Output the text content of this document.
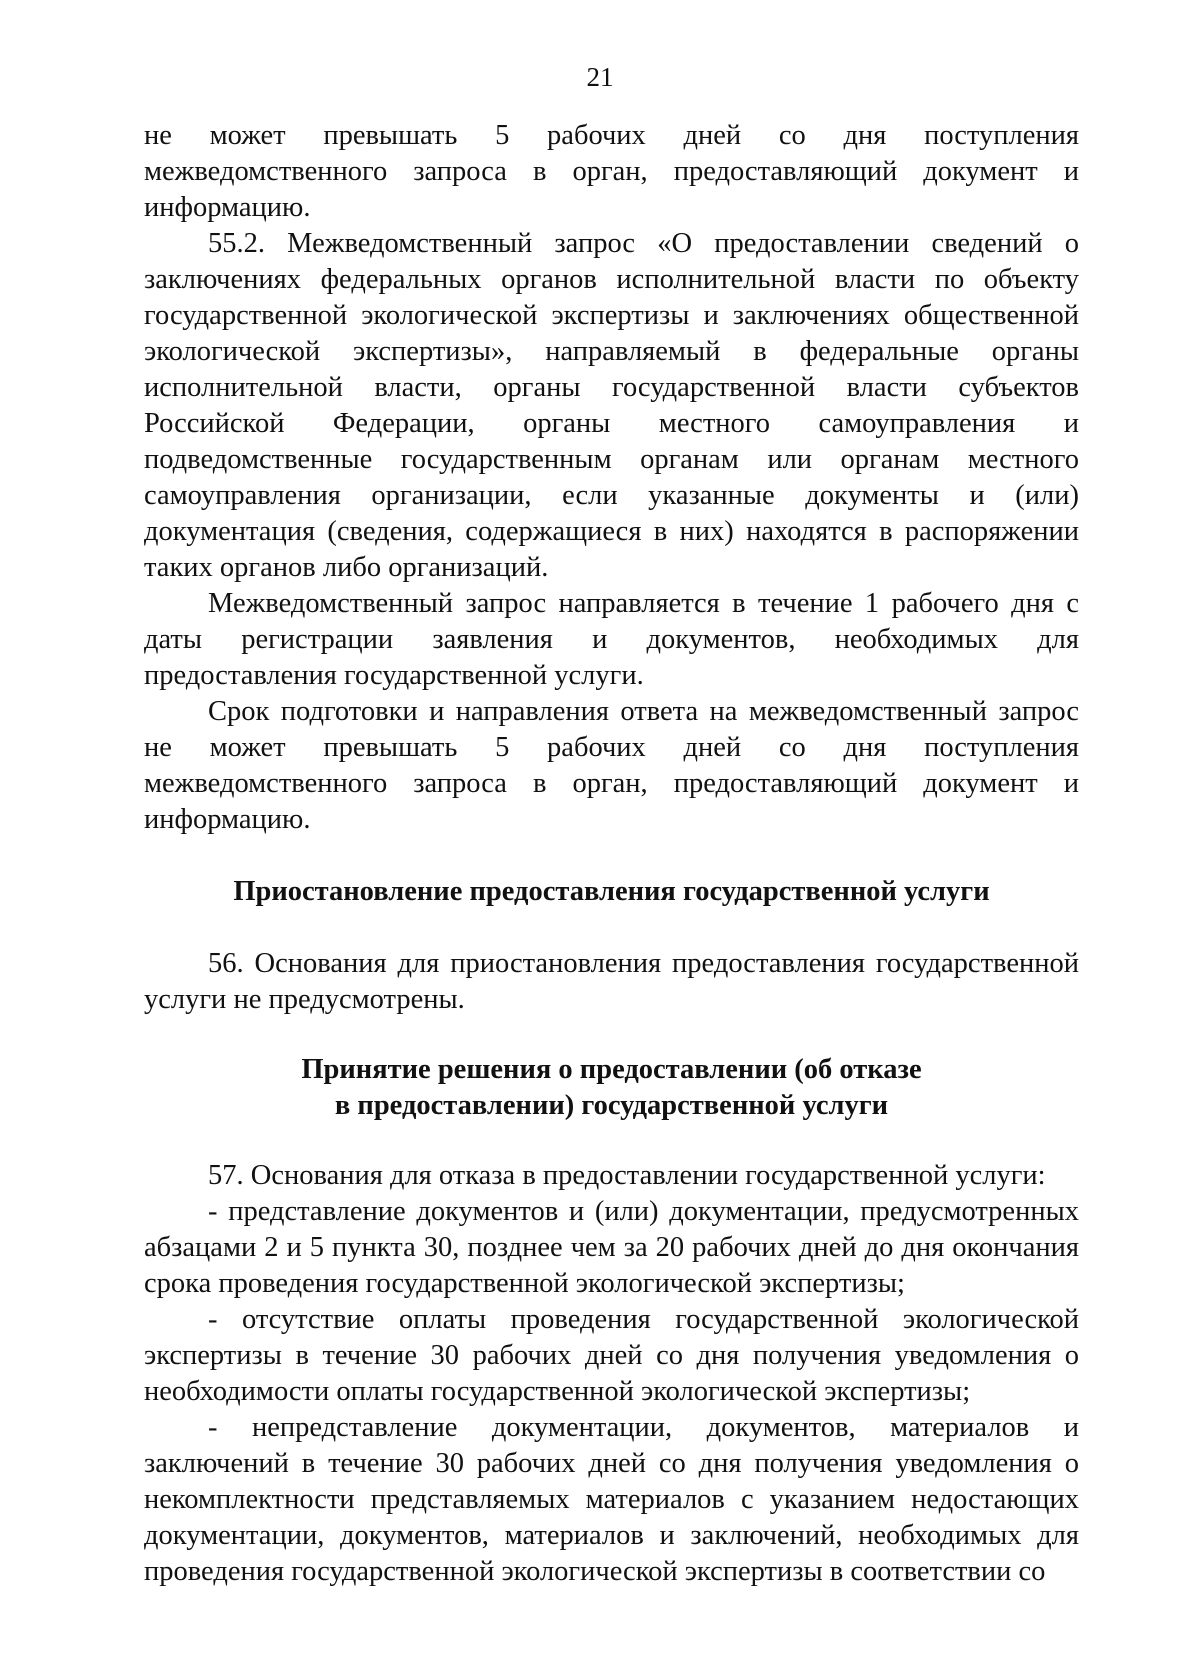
21

не может превышать 5 рабочих дней со дня поступления межведомственного запроса в орган, предоставляющий документ и информацию.

55.2. Межведомственный запрос «О предоставлении сведений о заключениях федеральных органов исполнительной власти по объекту государственной экологической экспертизы и заключениях общественной экологической экспертизы», направляемый в федеральные органы исполнительной власти, органы государственной власти субъектов Российской Федерации, органы местного самоуправления и подведомственные государственным органам или органам местного самоуправления организации, если указанные документы и (или) документация (сведения, содержащиеся в них) находятся в распоряжении таких органов либо организаций.

Межведомственный запрос направляется в течение 1 рабочего дня с даты регистрации заявления и документов, необходимых для предоставления государственной услуги.

Срок подготовки и направления ответа на межведомственный запрос не может превышать 5 рабочих дней со дня поступления межведомственного запроса в орган, предоставляющий документ и информацию.

Приостановление предоставления государственной услуги

56. Основания для приостановления предоставления государственной услуги не предусмотрены.

Принятие решения о предоставлении (об отказе
в предоставлении) государственной услуги

57. Основания для отказа в предоставлении государственной услуги:

- представление документов и (или) документации, предусмотренных абзацами 2 и 5 пункта 30, позднее чем за 20 рабочих дней до дня окончания срока проведения государственной экологической экспертизы;

- отсутствие оплаты проведения государственной экологической экспертизы в течение 30 рабочих дней со дня получения уведомления о необходимости оплаты государственной экологической экспертизы;

- непредставление документации, документов, материалов и заключений в течение 30 рабочих дней со дня получения уведомления о некомплектности представляемых материалов с указанием недостающих документации, документов, материалов и заключений, необходимых для проведения государственной экологической экспертизы в соответствии со
